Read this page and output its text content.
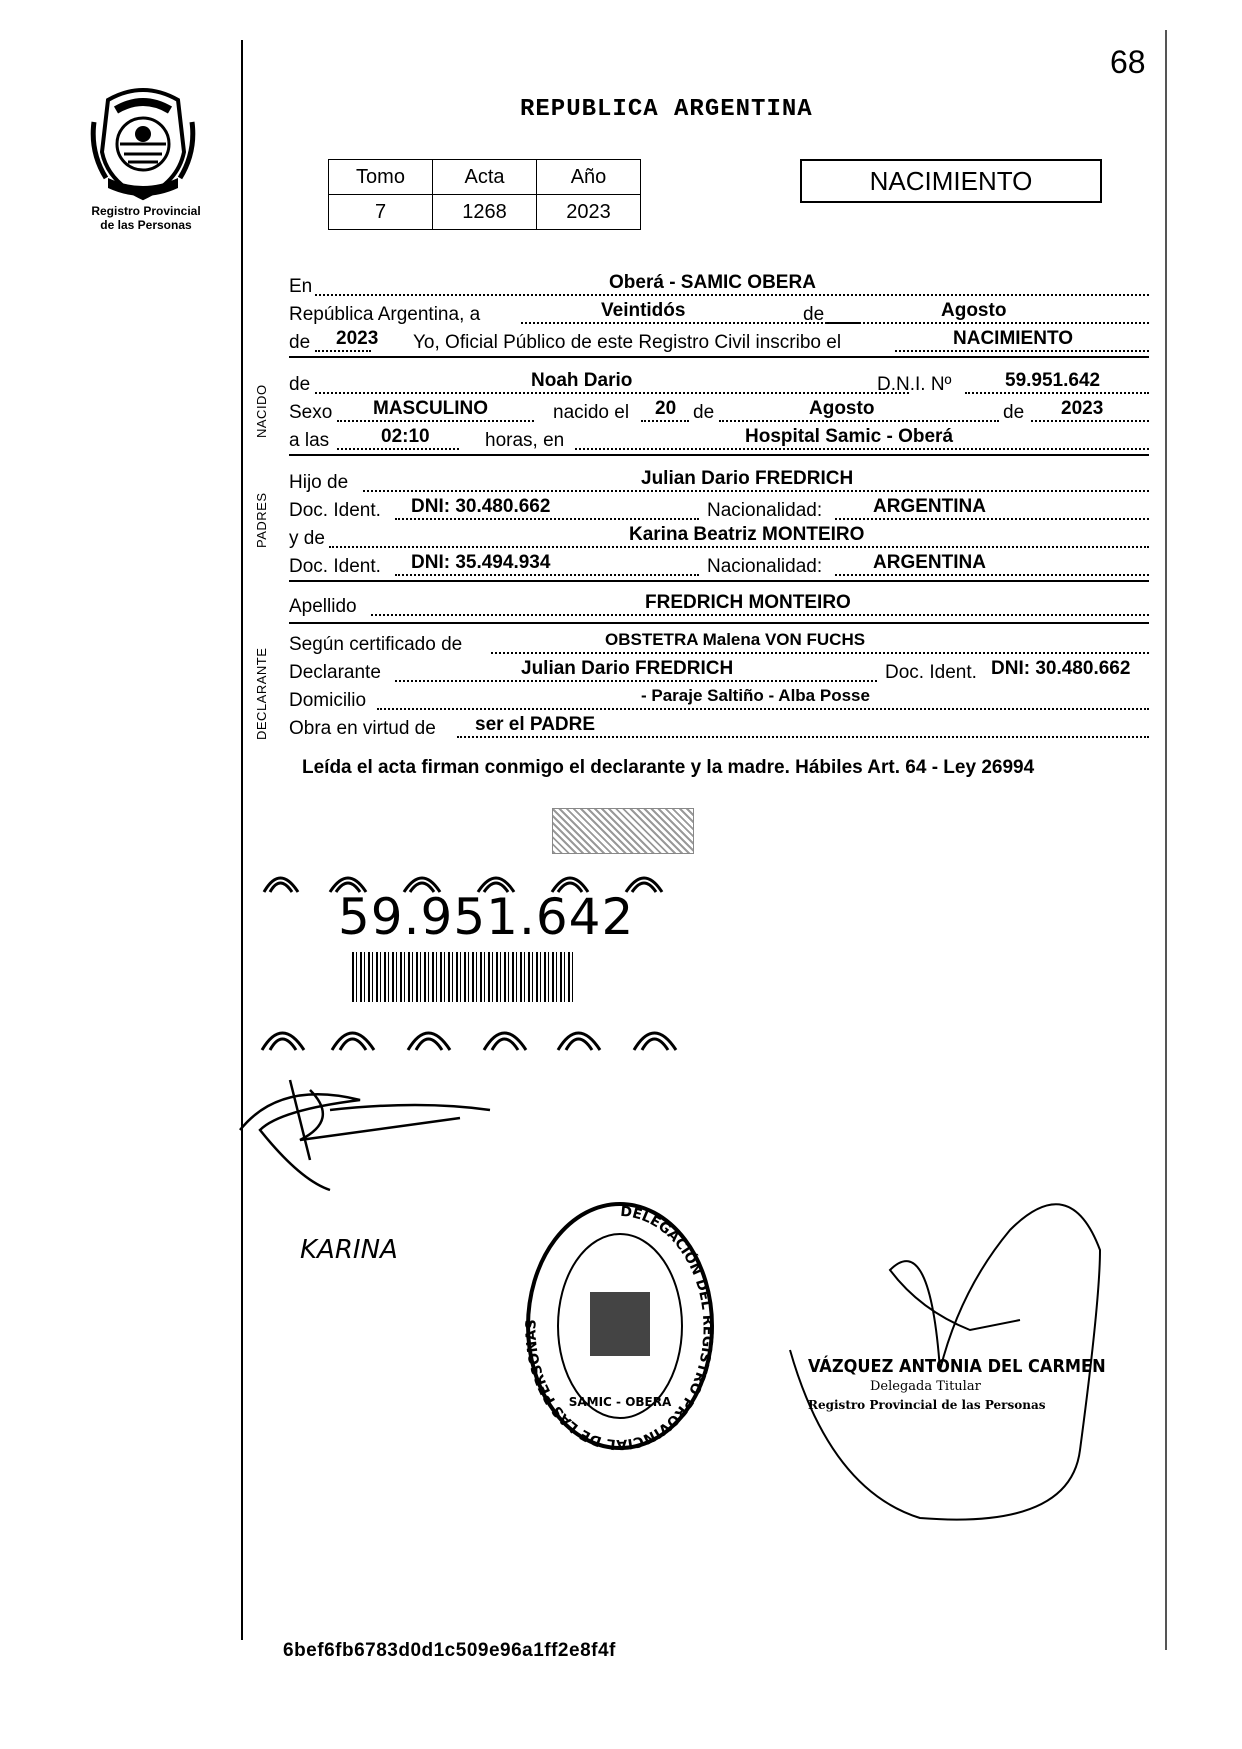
68
Registro Provincial
de las Personas
REPUBLICA ARGENTINA
Tomo	Acta	Año
7	1268	2023
NACIMIENTO
En	Oberá - SAMIC OBERA
República Argentina, a	Veintidós	de	Agosto
de 2023 Yo, Oficial Público de este Registro Civil inscribo el	NACIMIENTO
NACIDO de	Noah Dario	D.N.I. Nº	59.951.642
Sexo MASCULINO	nacido el 20 de	Agosto	de 2023
a las	02:10	horas, en	Hospital Samic - Oberá
PADRES
Hijo de	Julian Dario FREDRICH
Doc. Ident. DNI: 30.480.662	Nacionalidad:	ARGENTINA
y de	Karina Beatriz MONTEIRO
Doc. Ident. DNI: 35.494.934	Nacionalidad:	ARGENTINA
Apellido	FREDRICH MONTEIRO
DECLARANTE
Según certificado de	OBSTETRA Malena VON FUCHS
Declarante	Julian Dario FREDRICH	Doc. Ident. DNI: 30.480.662
Domicilio	- Paraje Saltiño - Alba Posse
Obra en virtud de ser el PADRE
Leída el acta firman conmigo el declarante y la madre. Hábiles Art. 64 - Ley 26994
59.951.642
KARINA
DELEGACIÓN DEL REGISTRO PROVINCIAL DE LAS PERSONAS
SAMIC - OBERA
VÁZQUEZ ANTONIA DEL CARMEN
Delegada Titular
Registro Provincial de las Personas
6bef6fb6783d0d1c509e96a1ff2e8f4f
